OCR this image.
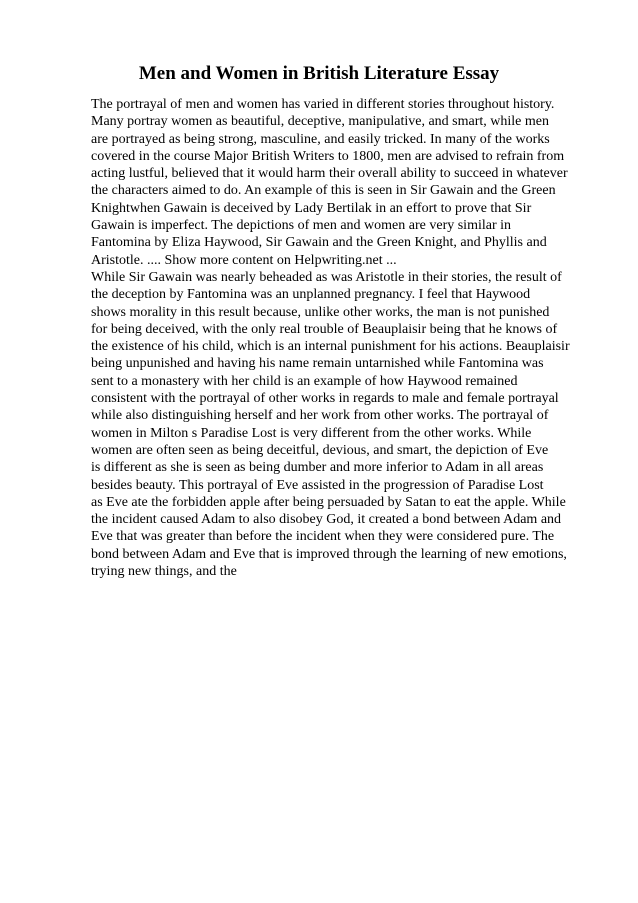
Men and Women in British Literature Essay
The portrayal of men and women has varied in different stories throughout history.
Many portray women as beautiful, deceptive, manipulative, and smart, while men
are portrayed as being strong, masculine, and easily tricked. In many of the works
covered in the course Major British Writers to 1800, men are advised to refrain from
acting lustful, believed that it would harm their overall ability to succeed in whatever
the characters aimed to do. An example of this is seen in Sir Gawain and the Green
Knightwhen Gawain is deceived by Lady Bertilak in an effort to prove that Sir
Gawain is imperfect. The depictions of men and women are very similar in
Fantomina by Eliza Haywood, Sir Gawain and the Green Knight, and Phyllis and
Aristotle. .... Show more content on Helpwriting.net ...
While Sir Gawain was nearly beheaded as was Aristotle in their stories, the result of
the deception by Fantomina was an unplanned pregnancy. I feel that Haywood
shows morality in this result because, unlike other works, the man is not punished
for being deceived, with the only real trouble of Beauplaisir being that he knows of
the existence of his child, which is an internal punishment for his actions. Beauplaisir
being unpunished and having his name remain untarnished while Fantomina was
sent to a monastery with her child is an example of how Haywood remained
consistent with the portrayal of other works in regards to male and female portrayal
while also distinguishing herself and her work from other works. The portrayal of
women in Milton s Paradise Lost is very different from the other works. While
women are often seen as being deceitful, devious, and smart, the depiction of Eve
is different as she is seen as being dumber and more inferior to Adam in all areas
besides beauty. This portrayal of Eve assisted in the progression of Paradise Lost
as Eve ate the forbidden apple after being persuaded by Satan to eat the apple. While
the incident caused Adam to also disobey God, it created a bond between Adam and
Eve that was greater than before the incident when they were considered pure. The
bond between Adam and Eve that is improved through the learning of new emotions,
trying new things, and the
